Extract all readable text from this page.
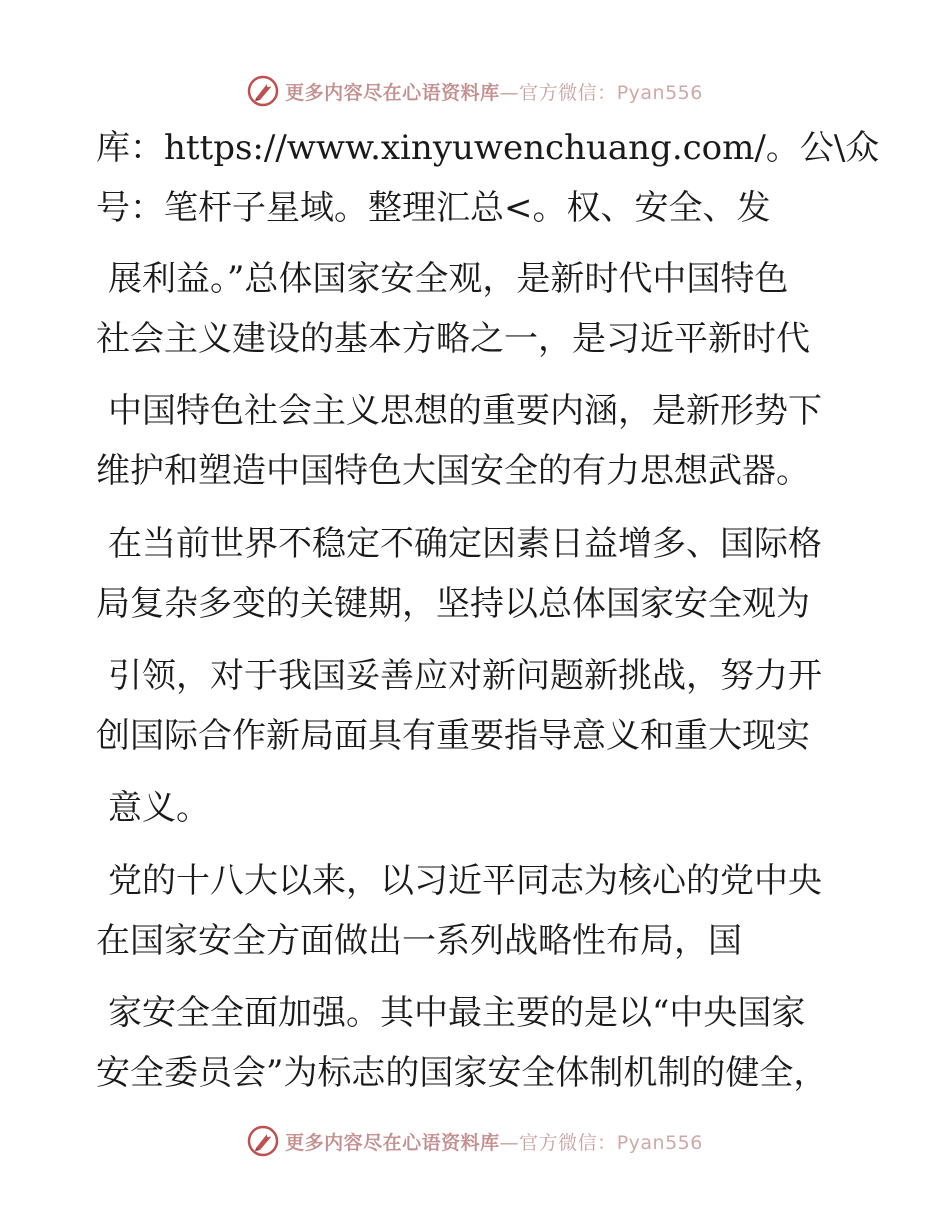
更多内容尽在心语资料库—官方微信：Pyan556
库：https://www.xinyuwenchuang.com/。公\众
号：笔杆子星域。整理汇总<。权、安全、发
展利益。”总体国家安全观，是新时代中国特色
社会主义建设的基本方略之一，是习近平新时代
中国特色社会主义思想的重要内涵，是新形势下
维护和塑造中国特色大国安全的有力思想武器。
在当前世界不稳定不确定因素日益增多、国际格
局复杂多变的关键期，坚持以总体国家安全观为
引领，对于我国妥善应对新问题新挑战，努力开
创国际合作新局面具有重要指导意义和重大现实
意义。
党的十八大以来，以习近平同志为核心的党中央
在国家安全方面做出一系列战略性布局，国
家安全全面加强。其中最主要的是以“中央国家
安全委员会”为标志的国家安全体制机制的健全，
更多内容尽在心语资料库—官方微信：Pyan556
